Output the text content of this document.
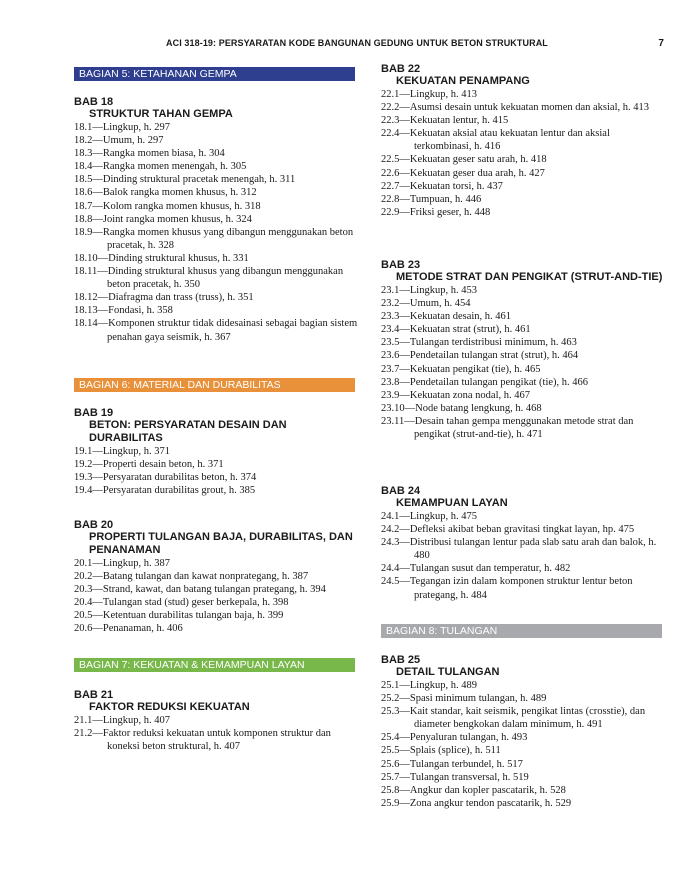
ACI 318-19: PERSYARATAN KODE BANGUNAN GEDUNG UNTUK BETON STRUKTURAL	7
BAGIAN 5: KETAHANAN GEMPA
BAB 18
STRUKTUR TAHAN GEMPA
18.1—Lingkup, h. 297
18.2—Umum, h. 297
18.3—Rangka momen biasa, h. 304
18.4—Rangka momen menengah, h. 305
18.5—Dinding struktural pracetak menengah, h. 311
18.6—Balok rangka momen khusus, h. 312
18.7—Kolom rangka momen khusus, h. 318
18.8—Joint rangka momen khusus, h. 324
18.9—Rangka momen khusus yang dibangun menggunakan beton pracetak, h. 328
18.10—Dinding struktural khusus, h. 331
18.11—Dinding struktural khusus yang dibangun menggunakan beton pracetak, h. 350
18.12—Diafragma dan trass (truss), h. 351
18.13—Fondasi, h. 358
18.14—Komponen struktur tidak didesainasi sebagai bagian sistem penahan gaya seismik, h. 367
BAGIAN 6: MATERIAL DAN DURABILITAS
BAB 19
BETON: PERSYARATAN DESAIN DAN DURABILITAS
19.1—Lingkup, h. 371
19.2—Properti desain beton, h. 371
19.3—Persyaratan durabilitas beton, h. 374
19.4—Persyaratan durabilitas grout, h. 385
BAB 20
PROPERTI TULANGAN BAJA, DURABILITAS, DAN PENANAMAN
20.1—Lingkup, h. 387
20.2—Batang tulangan dan kawat nonprategang, h. 387
20.3—Strand, kawat, dan batang tulangan prategang, h. 394
20.4—Tulangan stad (stud) geser berkepala, h. 398
20.5—Ketentuan durabilitas tulangan baja, h. 399
20.6—Penanaman, h. 406
BAGIAN 7: KEKUATAN & KEMAMPUAN LAYAN
BAB 21
FAKTOR REDUKSI KEKUATAN
21.1—Lingkup, h. 407
21.2—Faktor reduksi kekuatan untuk komponen struktur dan koneksi beton struktural, h. 407
BAB 22
KEKUATAN PENAMPANG
22.1—Lingkup, h. 413
22.2—Asumsi desain untuk kekuatan momen dan aksial, h. 413
22.3—Kekuatan lentur, h. 415
22.4—Kekuatan aksial atau kekuatan lentur dan aksial terkombinasi, h. 416
22.5—Kekuatan geser satu arah, h. 418
22.6—Kekuatan geser dua arah, h. 427
22.7—Kekuatan torsi, h. 437
22.8—Tumpuan, h. 446
22.9—Friksi geser, h. 448
BAB 23
METODE STRAT DAN PENGIKAT (STRUT-AND-TIE)
23.1—Lingkup, h. 453
23.2—Umum, h. 454
23.3—Kekuatan desain, h. 461
23.4—Kekuatan strat (strut), h. 461
23.5—Tulangan terdistribusi minimum, h. 463
23.6—Pendetailan tulangan strat (strut), h. 464
23.7—Kekuatan pengikat (tie), h. 465
23.8—Pendetailan tulangan pengikat (tie), h. 466
23.9—Kekuatan zona nodal, h. 467
23.10—Node batang lengkung, h. 468
23.11—Desain tahan gempa menggunakan metode strat dan pengikat (strut-and-tie), h. 471
BAB 24
KEMAMPUAN LAYAN
24.1—Lingkup, h. 475
24.2—Defleksi akibat beban gravitasi tingkat layan, hp. 475
24.3—Distribusi tulangan lentur pada slab satu arah dan balok, h. 480
24.4—Tulangan susut dan temperatur, h. 482
24.5—Tegangan izin dalam komponen struktur lentur beton prategang, h. 484
BAGIAN 8: TULANGAN
BAB 25
DETAIL TULANGAN
25.1—Lingkup, h. 489
25.2—Spasi minimum tulangan, h. 489
25.3—Kait standar, kait seismik, pengikat lintas (crosstie), dan diameter bengkokan dalam minimum, h. 491
25.4—Penyaluran tulangan, h. 493
25.5—Splais (splice), h. 511
25.6—Tulangan terbundel, h. 517
25.7—Tulangan transversal, h. 519
25.8—Angkur dan kopler pascatarik, h. 528
25.9—Zona angkur tendon pascatarik, h. 529
